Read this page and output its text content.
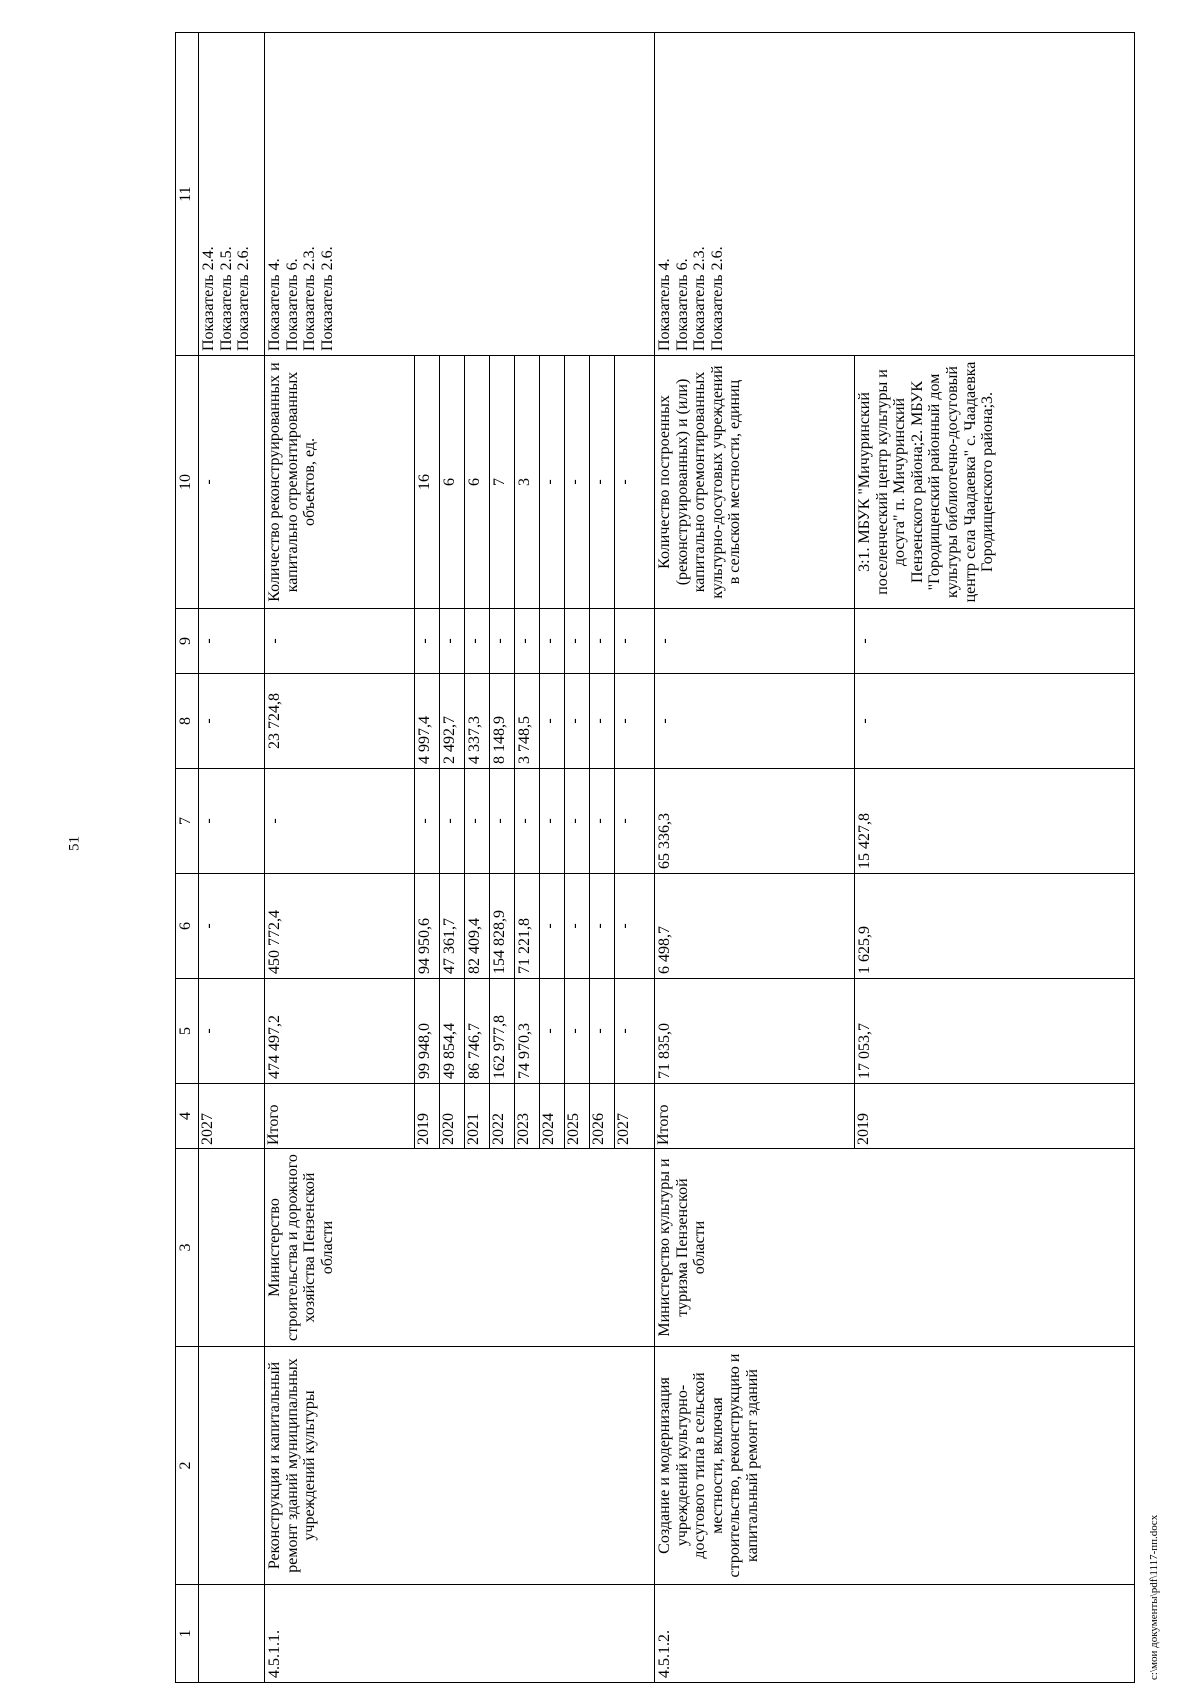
51
c:\мои документы\pdf\1117-пп.docx
1	2	3	4	5	6	7	8	9	10	11
			2027	-	-	-	-	-	-	Показатель 2.4.
Показатель 2.5.
Показатель 2.6.
4.5.1.1.	Реконструкция и капитальный ремонт зданий муниципальных учреждений культуры	Министерство строительства и дорожного хозяйства Пензенской области	Итого	474 497,2	450 772,4	-	23 724,8	-	Количество реконструированных и капитально отремонтированных объектов, ед.	Показатель 4.
Показатель 6.
Показатель 2.3.
Показатель 2.6.
			2019	99 948,0	94 950,6	-	4 997,4	-	16	
			2020	49 854,4	47 361,7	-	2 492,7	-	6	
			2021	86 746,7	82 409,4	-	4 337,3	-	6	
			2022	162 977,8	154 828,9	-	8 148,9	-	7	
			2023	74 970,3	71 221,8	-	3 748,5	-	3	
			2024	-	-	-	-	-	-	
			2025	-	-	-	-	-	-	
			2026	-	-	-	-	-	-	
			2027	-	-	-	-	-	-	
4.5.1.2.	Создание и модернизация учреждений культурно-досугового типа в сельской местности, включая строительство, реконструкцию и капитальный ремонт зданий	Министерство культуры и туризма Пензенской области	Итого	71 835,0	6 498,7	65 336,3	-	-	Количество построенных (реконструированных) и (или) капитально отремонтированных культурно-досуговых учреждений в сельской местности, единиц	Показатель 4.
Показатель 6.
Показатель 2.3.
Показатель 2.6.
			2019	17 053,7	1 625,9	15 427,8	-	-	3:1. МБУК "Мичуринский поселенческий центр культуры и досуга" п. Мичуринский Пензенского района;2. МБУК "Городищенский районный дом культуры библиотечно-досуговый центр села Чаадаевка" с. Чаадаевка Городищенского района;3.	
